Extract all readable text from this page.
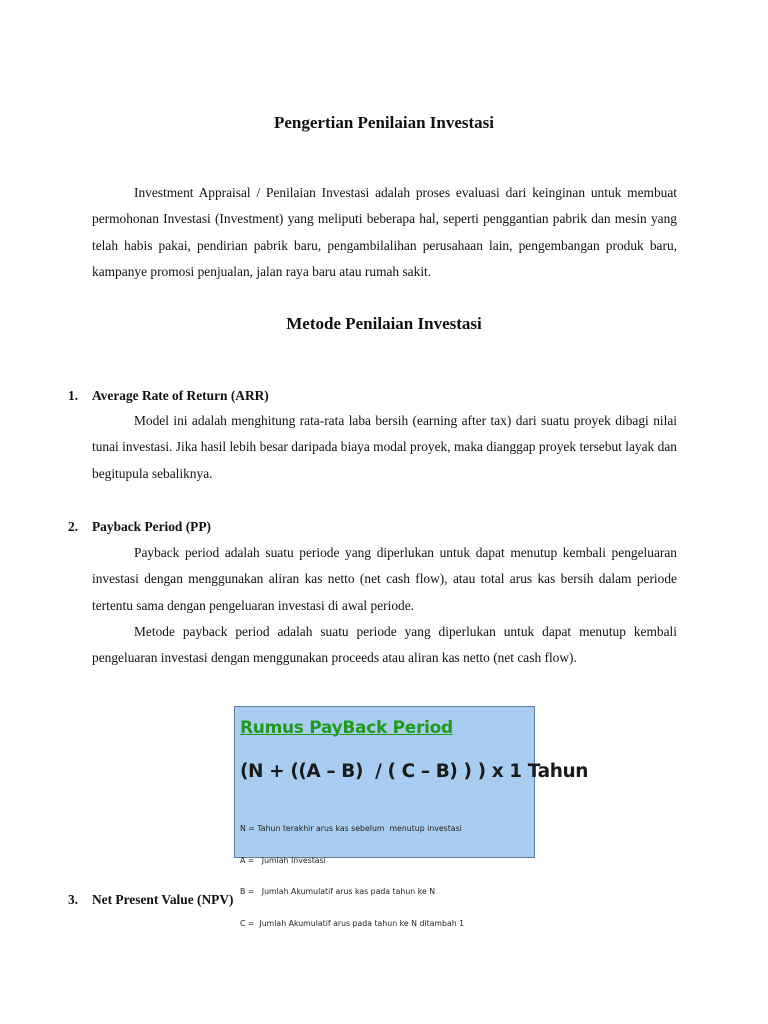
Pengertian Penilaian Investasi

Investment Appraisal / Penilaian Investasi adalah proses evaluasi dari keinginan untuk membuat permohonan Investasi (Investment) yang meliputi beberapa hal, seperti penggantian pabrik dan mesin yang telah habis pakai, pendirian pabrik baru, pengambilalihan perusahaan lain, pengembangan produk baru, kampanye promosi penjualan, jalan raya baru atau rumah sakit.

Metode Penilaian Investasi
1. Average Rate of Return (ARR)

Model ini adalah menghitung rata-rata laba bersih (earning after tax) dari suatu proyek dibagi nilai tunai investasi. Jika hasil lebih besar daripada biaya modal proyek, maka dianggap proyek tersebut layak dan begitupula sebaliknya.

2. Payback Period (PP)

Payback period adalah suatu periode yang diperlukan untuk dapat menutup kembali pengeluaran investasi dengan menggunakan aliran kas netto (net cash flow), atau total arus kas bersih dalam periode tertentu sama dengan pengeluaran investasi di awal periode.

Metode payback period adalah suatu periode yang diperlukan untuk dapat menutup kembali pengeluaran investasi dengan menggunakan proceeds atau aliran kas netto (net cash flow).

Rumus PayBack Period
(N + ((A – B)  / ( C – B) ) ) x 1 Tahun

N = Tahun terakhir arus kas sebelum  menutup investasi

A =   Jumlah Investasi

B =   Jumlah Akumulatif arus kas pada tahun ke N

C =  Jumlah Akumulatif arus pada tahun ke N ditambah 1

3. Net Present Value (NPV)
